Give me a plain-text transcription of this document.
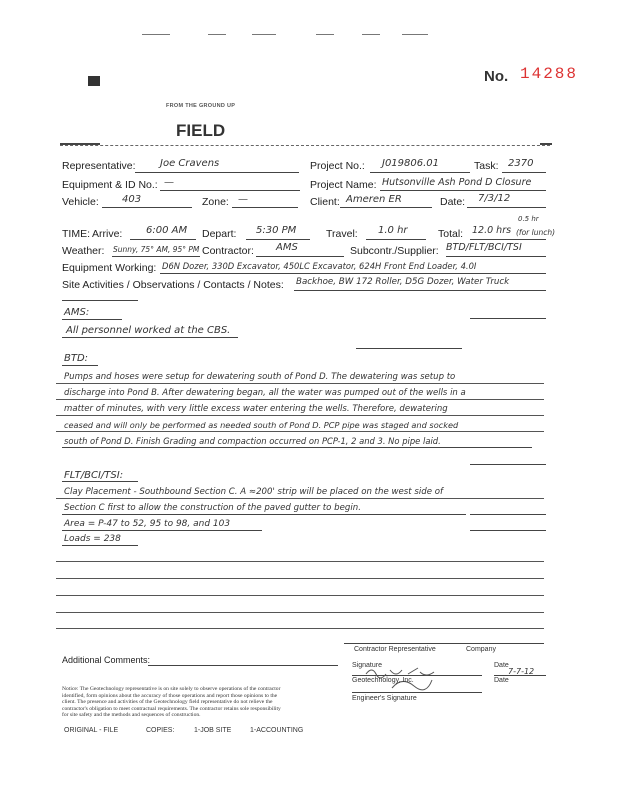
No. 14288
FROM THE GROUND UP
FIELD
Representative: Joe Cravens	Project No.: J019806.01	Task: 2370
Equipment & ID No.: —	Project Name: Hutsonville Ash Pond D Closure
Vehicle: 403	Zone: —	Client: Ameren ER	Date: 7/3/12
TIME: Arrive: 6:00 AM Depart: 5:30 PM	Travel: 1.0 hr	Total: 12.0 hrs (for lunch)
0.5 hr
Weather: Sunny, 75° AM, 95° PM Contractor: AMS	Subcontr./Supplier: BTD/FLT/BCI/TSI
Equipment Working: D6N Dozer, 330D Excavator, 450LC Excavator, 624H Front End Loader, 4.0I
Site Activities / Observations / Contacts / Notes: Backhoe, BW 172 Roller, D5G Dozer, Water Truck
AMS:
All personnel worked at the CBS.
BTD:
Pumps and hoses were setup for dewatering south of Pond D. The dewatering was setup to
discharge into Pond B. After dewatering began, all the water was pumped out of the wells in a
matter of minutes, with very little excess water entering the wells. Therefore, dewatering
ceased and will only be performed as needed south of Pond D. PCP pipe was staged and socked
south of Pond D. Finish Grading and compaction occurred on PCP-1, 2 and 3. No pipe laid.
FLT/BCI/TSI:
Clay Placement - Southbound Section C. A ≈200' strip will be placed on the west side of
Section C first to allow the construction of the paved gutter to begin.
Area = P-47 to 52, 95 to 98, and 103
Loads = 238
Contractor Representative	Company
Additional Comments:
Signature	Date
7-7-12
Geotechnology, Inc.	Date
Engineer's Signature
Notice: The Geotechnology representative is on site solely to observe operations of the contractor
identified, form opinions about the accuracy of those operations and report those opinions to the
client. The presence and activities of the Geotechnology field representative do not relieve the
contractor's obligation to meet contractual requirements. The contractor retains sole responsibility
for site safety and the methods and sequences of construction.
ORIGINAL - FILE	COPIES:	1-JOB SITE	1-ACCOUNTING
